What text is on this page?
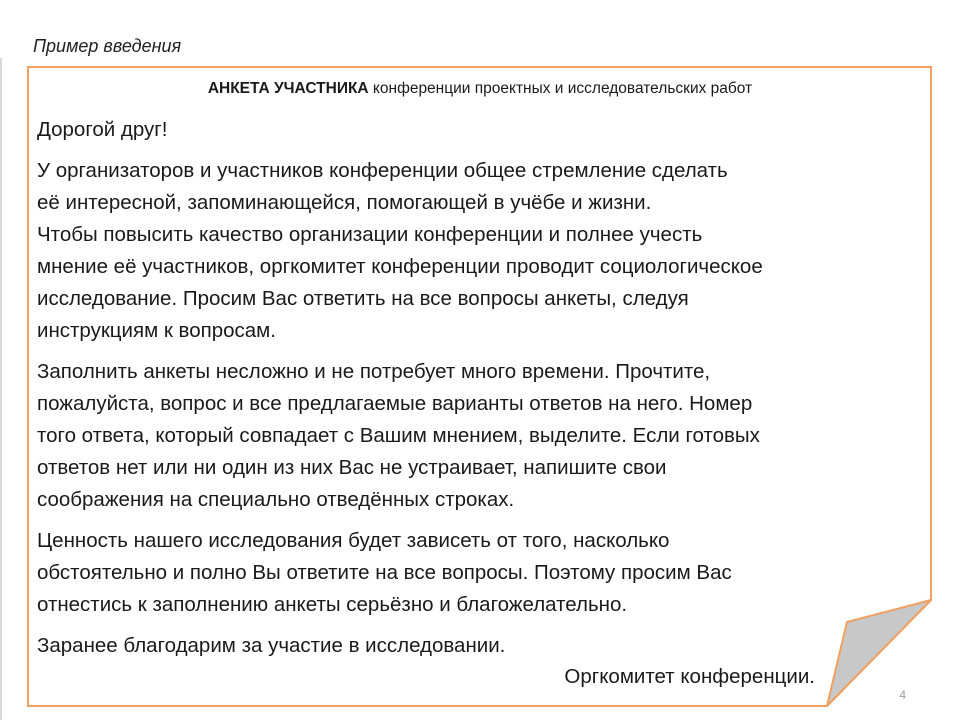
Пример введения
АНКЕТА УЧАСТНИКА конференции проектных и исследовательских работ

Дорогой друг!

У организаторов и участников конференции общее стремление сделать
её интересной, запоминающейся, помогающей в учёбе и жизни.
Чтобы повысить качество организации конференции и полнее учесть
мнение её участников, оргкомитет конференции проводит социологическое
исследование. Просим Вас ответить на все вопросы анкеты, следуя
инструкциям к вопросам.

Заполнить анкеты несложно и не потребует много времени. Прочтите,
пожалуйста, вопрос и все предлагаемые варианты ответов на него. Номер
того ответа, который совпадает с Вашим мнением, выделите. Если готовых
ответов нет или ни один из них Вас не устраивает, напишите свои
соображения на специально отведённых строках.

Ценность нашего исследования будет зависеть от того, насколько
обстоятельно и полно Вы ответите на все вопросы. Поэтому просим Вас
отнестись к заполнению анкеты серьёзно и благожелательно.

Заранее благодарим за участие в исследовании.

Оргкомитет конференции.
4
